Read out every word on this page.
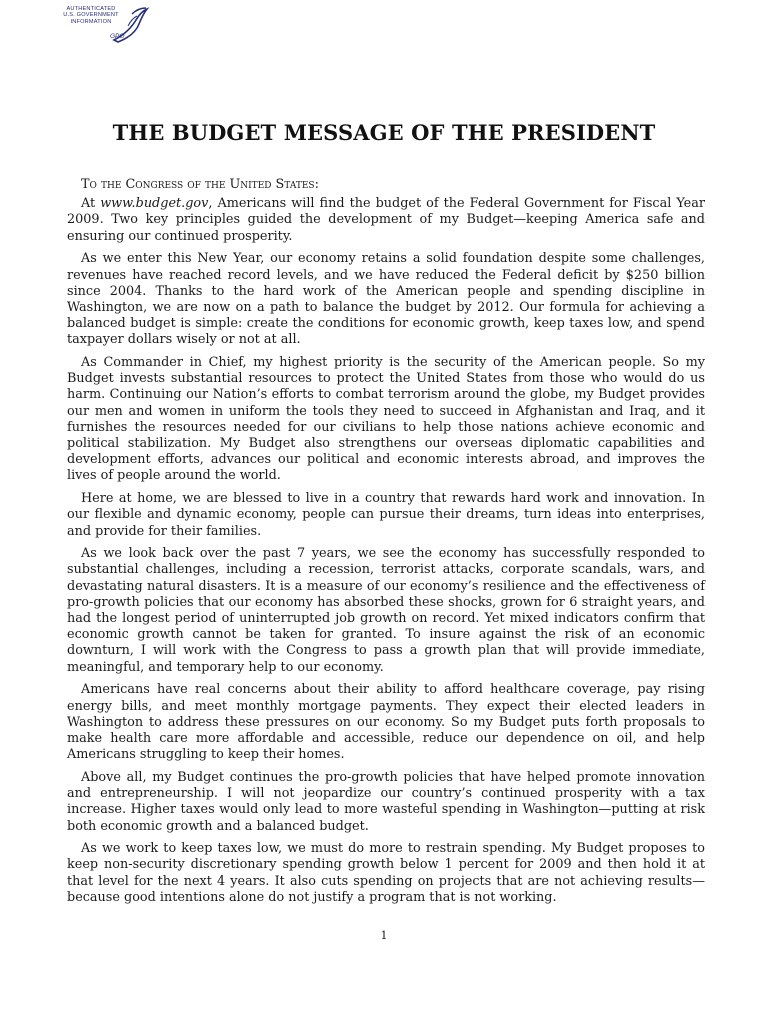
AUTHENTICATED
U.S. GOVERNMENT
INFORMATION
GPO
THE BUDGET MESSAGE OF THE PRESIDENT

To the Congress of the United States:

At www.budget.gov, Americans will find the budget of the Federal Government for Fiscal Year 2009. Two key principles guided the development of my Budget—keeping America safe and ensuring our continued prosperity.

As we enter this New Year, our economy retains a solid foundation despite some challenges, revenues have reached record levels, and we have reduced the Federal deficit by $250 billion since 2004. Thanks to the hard work of the American people and spending discipline in Washington, we are now on a path to balance the budget by 2012. Our formula for achieving a balanced budget is simple: create the conditions for economic growth, keep taxes low, and spend taxpayer dollars wisely or not at all.

As Commander in Chief, my highest priority is the security of the American people. So my Budget invests substantial resources to protect the United States from those who would do us harm. Continuing our Nation’s efforts to combat terrorism around the globe, my Budget provides our men and women in uniform the tools they need to succeed in Afghanistan and Iraq, and it furnishes the resources needed for our civilians to help those nations achieve economic and political stabilization. My Budget also strengthens our overseas diplomatic capabilities and development efforts, advances our political and economic interests abroad, and improves the lives of people around the world.

Here at home, we are blessed to live in a country that rewards hard work and innovation. In our flexible and dynamic economy, people can pursue their dreams, turn ideas into enterprises, and provide for their families.

As we look back over the past 7 years, we see the economy has successfully responded to substantial challenges, including a recession, terrorist attacks, corporate scandals, wars, and devastating natural disasters. It is a measure of our economy’s resilience and the effectiveness of pro-growth policies that our economy has absorbed these shocks, grown for 6 straight years, and had the longest period of uninterrupted job growth on record. Yet mixed indicators confirm that economic growth cannot be taken for granted. To insure against the risk of an economic downturn, I will work with the Congress to pass a growth plan that will provide immediate, meaningful, and temporary help to our economy.

Americans have real concerns about their ability to afford healthcare coverage, pay rising energy bills, and meet monthly mortgage payments. They expect their elected leaders in Washington to address these pressures on our economy. So my Budget puts forth proposals to make health care more affordable and accessible, reduce our dependence on oil, and help Americans struggling to keep their homes.

Above all, my Budget continues the pro-growth policies that have helped promote innovation and entrepreneurship. I will not jeopardize our country’s continued prosperity with a tax increase. Higher taxes would only lead to more wasteful spending in Washington—putting at risk both economic growth and a balanced budget.

As we work to keep taxes low, we must do more to restrain spending. My Budget proposes to keep non-security discretionary spending growth below 1 percent for 2009 and then hold it at that level for the next 4 years. It also cuts spending on projects that are not achieving results—because good intentions alone do not justify a program that is not working.

1
